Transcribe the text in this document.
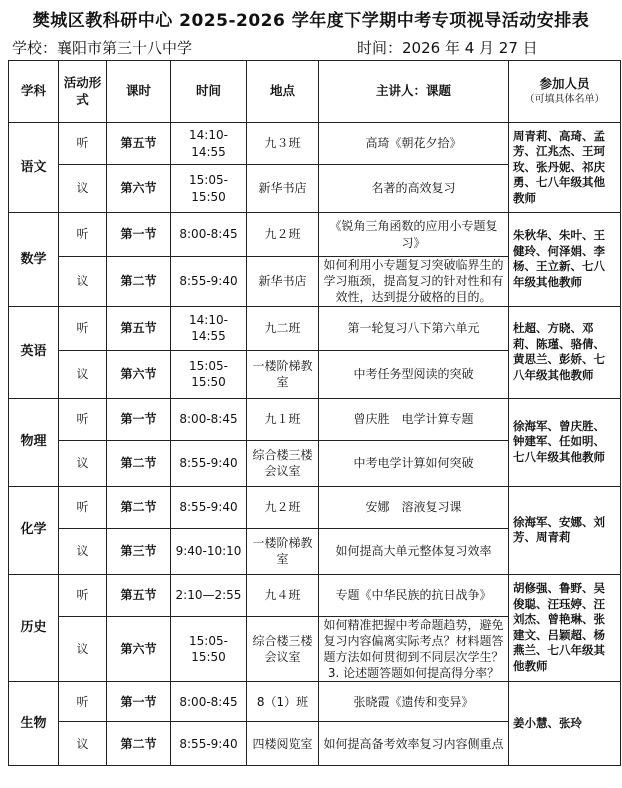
樊城区教科研中心 2025-2026 学年度下学期中考专项视导活动安排表
学校：襄阳市第三十八中学	时间：2026 年 4 月 27 日
学科	活动形式	课时	时间	地点	主讲人：课题	参加人员
（可填具体名单）

语文	听	第五节	14:10-14:55	九３班	高琦《朝花夕拾》	周青莉、高琦、孟芳、江兆杰、王珂玫、张丹妮、祁庆勇、七八年级其他教师
	议	第六节	15:05-15:50	新华书店	名著的高效复习	
数学	听	第一节	8:00-8:45	九２班	《锐角三角函数的应用小专题复习》	朱秋华、朱叶、王健玲、何泽娟、李杨、王立新、七八年级其他教师
	议	第二节	8:55-9:40	新华书店	如何利用小专题复习突破临界生的学习瓶颈，提高复习的针对性和有效性，达到提分破格的目的。	
英语	听	第五节	14:10-14:55	九二班	第一轮复习八下第六单元	杜超、方晓、邓莉、陈瑾、骆倩、黄思兰、彭娇、七八年级其他教师
	议	第六节	15:05-15:50	一楼阶梯教室	中考任务型阅读的突破	
物理	听	第一节	8:00-8:45	九１班	曾庆胜　电学计算专题	徐海军、曾庆胜、钟建军、任如明、七八年级其他教师
	议	第二节	8:55-9:40	综合楼三楼会议室	中考电学计算如何突破	
化学	听	第二节	8:55-9:40	九２班	安娜　溶液复习课	徐海军、安娜、刘芳、周青莉
	议	第三节	9:40-10:10	一楼阶梯教室	如何提高大单元整体复习效率	
历史	听	第五节	2:10—2:55	九４班	专题《中华民族的抗日战争》	胡修强、鲁野、吴俊聪、汪珏婷、汪刘杰、曾艳琳、张建文、吕颖超、杨燕兰、七八年级其他教师
	议	第六节	15:05-15:50	综合楼三楼会议室	如何精准把握中考命题趋势，避免复习内容偏离实际考点？材料题答题方法如何贯彻到不同层次学生？3. 论述题答题如何提高得分率？	
生物	听	第一节	8:00-8:45	8（1）班	张晓霞《遗传和变异》	姜小慧、张玲
	议	第二节	8:55-9:40	四楼阅览室	如何提高备考效率复习内容侧重点	
